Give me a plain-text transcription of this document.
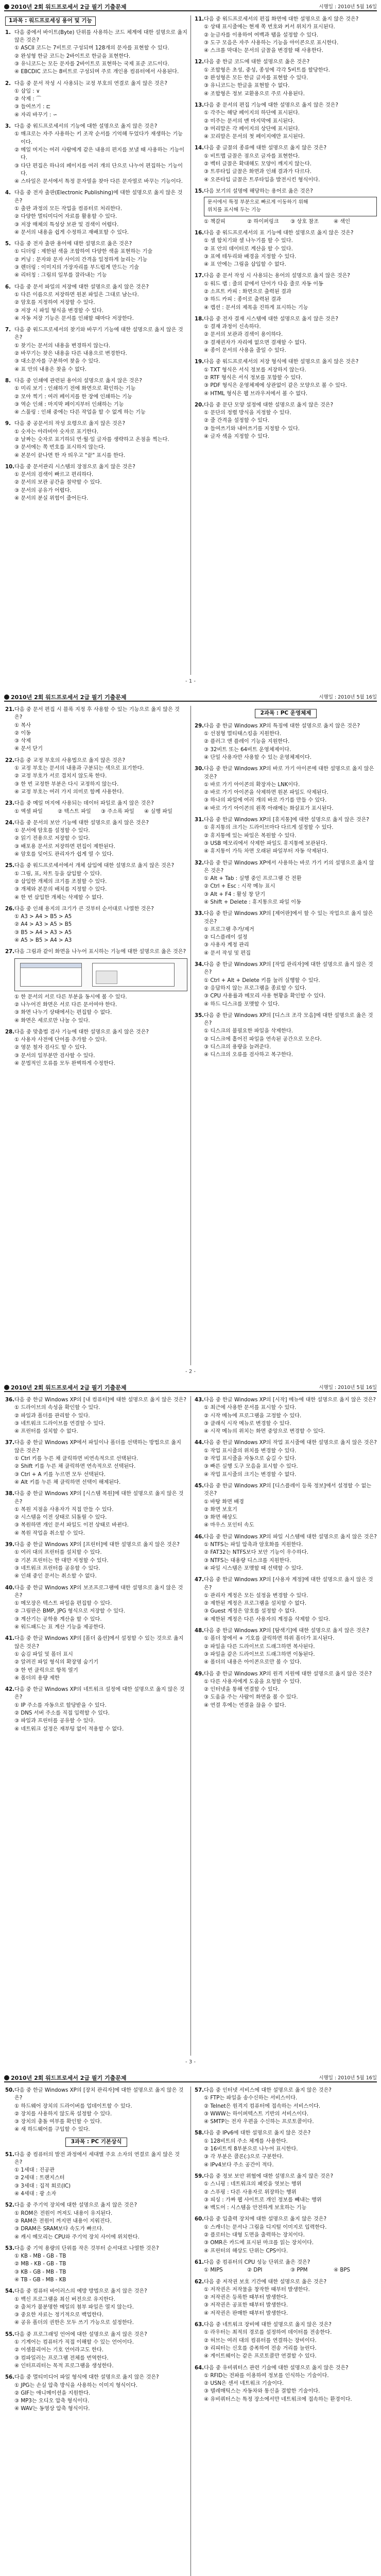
2010년 2회 워드프로세서 2급 필기 기출문제	시행일 : 2010년 5월 16일
1과목 : 워드프로세싱 용어 및 기능
1. 다음 중에서 바이트(Byte) 단위를 사용하는 코드 체계에 대한 설명으로 옳지 않은 것은?
① ASCII 코드는 7비트로 구성되며 128개의 문자를 표현할 수 있다.
② 완성형 한글 코드는 2바이트로 한글을 표현한다.
③ 유니코드는 모든 문자를 2바이트로 표현하는 국제 표준 코드이다.
④ EBCDIC 코드는 8비트로 구성되며 주로 개인용 컴퓨터에서 사용된다.
2. 다음 중 문서 작성 시 사용되는 교정 부호의 연결로 옳지 않은 것은?
① 삽입 : ∨
② 삭제 : ⌒
③ 들여쓰기 : ⊏
④ 자리 바꾸기 : ∽
3. 다음 중 워드프로세서의 기능에 대한 설명으로 옳지 않은 것은?
① 매크로는 자주 사용하는 키 조작 순서를 기억해 두었다가 재생하는 기능이다.
② 메일 머지는 여러 사람에게 같은 내용의 편지를 보낼 때 사용하는 기능이다.
③ 다단 편집은 하나의 페이지를 여러 개의 단으로 나누어 편집하는 기능이다.
④ 스타일은 문서에서 특정 문자열을 찾아 다른 문자열로 바꾸는 기능이다.
4. 다음 중 전자 출판(Electronic Publishing)에 대한 설명으로 옳지 않은 것은?
① 출판 과정의 모든 작업을 컴퓨터로 처리한다.
② 다양한 멀티미디어 자료를 활용할 수 있다.
③ 저장 매체의 특성상 보관 및 검색이 어렵다.
④ 문서의 내용을 쉽게 수정하고 재배포할 수 있다.
5. 다음 중 전자 출판 용어에 대한 설명으로 옳은 것은?
① 디더링 : 제한된 색을 조합하여 다양한 색을 표현하는 기술
② 커닝 : 문자와 문자 사이의 간격을 일정하게 늘리는 기능
③ 렌더링 : 이미지의 가장자리를 부드럽게 만드는 기술
④ 리터칭 : 그림의 일부를 잘라내는 기능
6. 다음 중 문서 파일의 저장에 대한 설명으로 옳지 않은 것은?
① 다른 이름으로 저장하면 원본 파일은 그대로 남는다.
② 암호를 지정하여 저장할 수 있다.
③ 저장 시 파일 형식을 변경할 수 있다.
④ 자동 저장 기능은 문서를 인쇄할 때마다 저장한다.
7. 다음 중 워드프로세서의 찾기와 바꾸기 기능에 대한 설명으로 옳지 않은 것은?
① 찾기는 문서의 내용을 변경하지 않는다.
② 바꾸기는 찾은 내용을 다른 내용으로 변경한다.
③ 대소문자를 구분하여 찾을 수 있다.
④ 표 안의 내용은 찾을 수 없다.
8. 다음 중 인쇄에 관련된 용어의 설명으로 옳지 않은 것은?
① 미리 보기 : 인쇄하기 전에 화면으로 확인하는 기능
② 모아 찍기 : 여러 페이지를 한 장에 인쇄하는 기능
③ 역순 인쇄 : 마지막 페이지부터 인쇄하는 기능
④ 스풀링 : 인쇄 중에는 다른 작업을 할 수 없게 하는 기능
9. 다음 중 공문서의 작성 요령으로 옳지 않은 것은?
① 숫자는 아라비아 숫자로 표기한다.
② 날짜는 숫자로 표기하되 연·월·일 글자를 생략하고 온점을 찍는다.
③ 문서에는 쪽 번호를 표시하지 않는다.
④ 본문이 끝나면 한 자 띄우고 "끝" 표시를 한다.
10.다음 중 문서관리 시스템의 장점으로 옳지 않은 것은?
① 문서의 검색이 빠르고 편리하다.
② 문서의 보관 공간을 절약할 수 있다.
③ 문서의 공유가 어렵다.
④ 문서의 분실 위험이 줄어든다.
11.다음 중 워드프로세서의 편집 화면에 대한 설명으로 옳지 않은 것은?
① 상태 표시줄에는 현재 쪽 번호와 커서 위치가 표시된다.
② 눈금자를 이용하여 여백과 탭을 설정할 수 있다.
③ 도구 모음은 자주 사용하는 기능을 아이콘으로 표시한다.
④ 스크롤 막대는 문서의 글꼴을 변경할 때 사용한다.
12.다음 중 한글 코드에 대한 설명으로 옳은 것은?
① 조합형은 초성, 중성, 종성에 각각 5비트를 할당한다.
② 완성형은 모든 한글 글자를 표현할 수 있다.
③ 유니코드는 한글을 표현할 수 없다.
④ 조합형은 정보 교환용으로 주로 사용된다.
13.다음 중 문서의 편집 기능에 대한 설명으로 옳지 않은 것은?
① 각주는 해당 페이지의 하단에 표시된다.
② 미주는 문서의 맨 마지막에 표시된다.
③ 머리말은 각 페이지의 상단에 표시된다.
④ 꼬리말은 문서의 첫 페이지에만 표시된다.
14.다음 중 글꼴의 종류에 대한 설명으로 옳지 않은 것은?
① 비트맵 글꼴은 점으로 글자를 표현한다.
② 벡터 글꼴은 확대해도 모양이 깨지지 않는다.
③ 트루타입 글꼴은 화면과 인쇄 결과가 다르다.
④ 오픈타입 글꼴은 트루타입을 발전시킨 형식이다.
15.다음 보기의 설명에 해당하는 용어로 옳은 것은?
문서에서 특정 부분으로 빠르게 이동하기 위해
위치를 표시해 두는 기능
① 책갈피	② 하이퍼링크	③ 상호 참조	④ 색인
16.다음 중 워드프로세서의 표 기능에 대한 설명으로 옳지 않은 것은?
① 셀 합치기와 셀 나누기를 할 수 있다.
② 표 안의 데이터로 계산을 할 수 있다.
③ 표에 테두리와 배경을 지정할 수 있다.
④ 표 안에는 그림을 삽입할 수 없다.
17.다음 중 문서 작성 시 사용되는 용어의 설명으로 옳지 않은 것은?
① 워드 랩 : 줄의 끝에서 단어가 다음 줄로 자동 이동
② 소프트 카피 : 화면으로 출력된 결과
③ 하드 카피 : 종이로 출력된 결과
④ 캡션 : 문서의 제목을 진하게 표시하는 기능
18.다음 중 전자 결재 시스템에 대한 설명으로 옳지 않은 것은?
① 결재 과정이 신속하다.
② 문서의 보관과 검색이 용이하다.
③ 결재권자가 자리에 없으면 결재할 수 없다.
④ 종이 문서의 사용을 줄일 수 있다.
19.다음 중 워드프로세서의 저장 형식에 대한 설명으로 옳지 않은 것은?
① TXT 형식은 서식 정보를 저장하지 않는다.
② RTF 형식은 서식 정보를 포함할 수 있다.
③ PDF 형식은 운영체제에 상관없이 같은 모양으로 볼 수 있다.
④ HTML 형식은 웹 브라우저에서 볼 수 없다.
20.다음 중 문단 모양 설정에 대한 설명으로 옳지 않은 것은?
① 문단의 정렬 방식을 지정할 수 있다.
② 줄 간격을 설정할 수 있다.
③ 들여쓰기와 내어쓰기를 지정할 수 있다.
④ 글자 색을 지정할 수 있다.
- 1 -
2010년 2회 워드프로세서 2급 필기 기출문제	시행일 : 2010년 5월 16일
21.다음 중 문서 편집 시 블록 지정 후 사용할 수 있는 기능으로 옳지 않은 것은?
① 복사
② 이동
③ 삭제
④ 문서 닫기
22.다음 중 교정 부호의 사용법으로 옳지 않은 것은?
① 교정 부호는 문서의 내용과 구분되는 색으로 표기한다.
② 교정 부호가 서로 겹치지 않도록 한다.
③ 한 번 교정한 부분은 다시 교정하지 않는다.
④ 교정 부호는 여러 가지 의미로 함께 사용한다.
23.다음 중 메일 머지에 사용되는 데이터 파일로 옳지 않은 것은?
① 엑셀 파일	② 텍스트 파일	③ 주소록 파일	④ 실행 파일
24.다음 중 문서의 보안 기능에 대한 설명으로 옳지 않은 것은?
① 문서에 암호를 설정할 수 있다.
② 읽기 전용으로 저장할 수 있다.
③ 배포용 문서로 저장하면 편집이 제한된다.
④ 암호를 잊어도 관리자가 쉽게 열 수 있다.
25.다음 중 워드프로세서에서 개체 삽입에 대한 설명으로 옳지 않은 것은?
① 그림, 표, 차트 등을 삽입할 수 있다.
② 삽입한 개체의 크기를 조절할 수 있다.
③ 개체와 본문의 배치를 지정할 수 있다.
④ 한 번 삽입한 개체는 삭제할 수 없다.
26.다음 중 인쇄 용지의 크기가 큰 것부터 순서대로 나열한 것은?
① A3 > A4 > B5 > A5
② A4 > A3 > A5 > B5
③ B5 > A4 > A3 > A5
④ A5 > B5 > A4 > A3
27.다음 그림과 같이 화면을 나누어 표시하는 기능에 대한 설명으로 옳은 것은?
① 한 문서의 서로 다른 부분을 동시에 볼 수 있다.
② 나누어진 화면은 서로 다른 문서여야 한다.
③ 화면 나누기 상태에서는 편집할 수 없다.
④ 화면은 세로로만 나눌 수 있다.
28.다음 중 맞춤법 검사 기능에 대한 설명으로 옳지 않은 것은?
① 사용자 사전에 단어를 추가할 수 있다.
② 영문 철자 검사도 할 수 있다.
③ 문서의 일부분만 검사할 수 있다.
④ 문법적인 오류를 모두 완벽하게 수정한다.
2과목 : PC 운영체제
29.다음 중 한글 Windows XP의 특징에 대한 설명으로 옳지 않은 것은?
① 선점형 멀티태스킹을 지원한다.
② 플러그 앤 플레이 기능을 지원한다.
③ 32비트 또는 64비트 운영체제이다.
④ 단일 사용자만 사용할 수 있는 운영체제이다.
30.다음 중 한글 Windows XP의 바로 가기 아이콘에 대한 설명으로 옳지 않은 것은?
① 바로 가기 아이콘의 확장자는 LNK이다.
② 바로 가기 아이콘을 삭제하면 원본 파일도 삭제된다.
③ 하나의 파일에 여러 개의 바로 가기를 만들 수 있다.
④ 바로 가기 아이콘의 왼쪽 아래에는 화살표가 표시된다.
31.다음 중 한글 Windows XP의 [휴지통]에 대한 설명으로 옳지 않은 것은?
① 휴지통의 크기는 드라이브마다 다르게 설정할 수 있다.
② 휴지통에 있는 파일은 복원할 수 있다.
③ USB 메모리에서 삭제한 파일도 휴지통에 보관된다.
④ 휴지통이 가득 차면 오래된 파일부터 자동 삭제된다.
32.다음 중 한글 Windows XP에서 사용하는 바로 가기 키의 설명으로 옳지 않은 것은?
① Alt + Tab : 실행 중인 프로그램 간 전환
② Ctrl + Esc : 시작 메뉴 표시
③ Alt + F4 : 활성 창 닫기
④ Shift + Delete : 휴지통으로 파일 이동
33.다음 중 한글 Windows XP의 [제어판]에서 할 수 있는 작업으로 옳지 않은 것은?
① 프로그램 추가/제거
② 디스플레이 설정
③ 사용자 계정 관리
④ 문서 작성 및 편집
34.다음 중 한글 Windows XP의 [작업 관리자]에 대한 설명으로 옳지 않은 것은?
① Ctrl + Alt + Delete 키를 눌러 실행할 수 있다.
② 응답하지 않는 프로그램을 종료할 수 있다.
③ CPU 사용률과 메모리 사용 현황을 확인할 수 있다.
④ 하드 디스크를 포맷할 수 있다.
35.다음 중 한글 Windows XP의 [디스크 조각 모음]에 대한 설명으로 옳은 것은?
① 디스크의 불필요한 파일을 삭제한다.
② 디스크에 흩어진 파일을 연속된 공간으로 모은다.
③ 디스크의 용량을 늘려준다.
④ 디스크의 오류를 검사하고 복구한다.
- 2 -
2010년 2회 워드프로세서 2급 필기 기출문제	시행일 : 2010년 5월 16일
36.다음 중 한글 Windows XP의 [내 컴퓨터]에 대한 설명으로 옳지 않은 것은?
① 드라이브의 속성을 확인할 수 있다.
② 파일과 폴더를 관리할 수 있다.
③ 네트워크 드라이브를 연결할 수 있다.
④ 프린터를 설치할 수 없다.
37.다음 중 한글 Windows XP에서 파일이나 폴더를 선택하는 방법으로 옳지 않은 것은?
① Ctrl 키를 누른 채 클릭하면 비연속적으로 선택된다.
② Shift 키를 누른 채 클릭하면 연속적으로 선택된다.
③ Ctrl + A 키를 누르면 모두 선택된다.
④ Alt 키를 누른 채 클릭하면 선택이 해제된다.
38.다음 중 한글 Windows XP의 [시스템 복원]에 대한 설명으로 옳지 않은 것은?
① 복원 지점을 사용자가 직접 만들 수 있다.
② 시스템을 이전 상태로 되돌릴 수 있다.
③ 복원하면 개인 문서 파일도 이전 상태로 바뀐다.
④ 복원 작업을 취소할 수 있다.
39.다음 중 한글 Windows XP의 [프린터]에 대한 설명으로 옳지 않은 것은?
① 여러 대의 프린터를 설치할 수 있다.
② 기본 프린터는 한 대만 지정할 수 있다.
③ 네트워크 프린터를 공유할 수 있다.
④ 인쇄 중인 문서는 취소할 수 없다.
40.다음 중 한글 Windows XP의 보조프로그램에 대한 설명으로 옳지 않은 것은?
① 메모장은 텍스트 파일을 편집할 수 있다.
② 그림판은 BMP, JPG 형식으로 저장할 수 있다.
③ 계산기는 공학용 계산을 할 수 있다.
④ 워드패드는 표 계산 기능을 제공한다.
41.다음 중 한글 Windows XP의 [폴더 옵션]에서 설정할 수 있는 것으로 옳지 않은 것은?
① 숨김 파일 및 폴더 표시
② 알려진 파일 형식의 확장명 숨기기
③ 한 번 클릭으로 항목 열기
④ 폴더의 용량 제한
42.다음 중 한글 Windows XP의 네트워크 설정에 대한 설명으로 옳지 않은 것은?
① IP 주소를 자동으로 할당받을 수 있다.
② DNS 서버 주소를 직접 입력할 수 있다.
③ 파일과 프린터를 공유할 수 있다.
④ 네트워크 설정은 재부팅 없이 적용할 수 없다.
43.다음 중 한글 Windows XP의 [시작] 메뉴에 대한 설명으로 옳지 않은 것은?
① 최근에 사용한 문서를 표시할 수 있다.
② 시작 메뉴에 프로그램을 고정할 수 있다.
③ 클래식 시작 메뉴로 변경할 수 있다.
④ 시작 메뉴의 위치는 화면 중앙으로 변경할 수 있다.
44.다음 중 한글 Windows XP의 작업 표시줄에 대한 설명으로 옳지 않은 것은?
① 작업 표시줄의 위치를 변경할 수 있다.
② 작업 표시줄을 자동으로 숨길 수 있다.
③ 빠른 실행 도구 모음을 표시할 수 있다.
④ 작업 표시줄의 크기는 변경할 수 없다.
45.다음 중 한글 Windows XP의 [디스플레이 등록 정보]에서 설정할 수 없는 것은?
① 바탕 화면 배경
② 화면 보호기
③ 화면 해상도
④ 마우스 포인터 속도
46.다음 중 한글 Windows XP의 파일 시스템에 대한 설명으로 옳지 않은 것은?
① NTFS는 파일 압축과 암호화를 지원한다.
② FAT32는 NTFS보다 보안 기능이 우수하다.
③ NTFS는 대용량 디스크를 지원한다.
④ 파일 시스템은 포맷할 때 선택할 수 있다.
47.다음 중 한글 Windows XP의 [사용자 계정]에 대한 설명으로 옳지 않은 것은?
① 관리자 계정은 모든 설정을 변경할 수 있다.
② 제한된 계정은 프로그램을 설치할 수 없다.
③ Guest 계정은 암호를 설정할 수 없다.
④ 제한된 계정은 다른 사용자의 계정을 삭제할 수 있다.
48.다음 중 한글 Windows XP의 [탐색기]에 대한 설명으로 옳지 않은 것은?
① 폴더 창에서 + 기호를 클릭하면 하위 폴더가 표시된다.
② 파일을 다른 드라이브로 드래그하면 복사된다.
③ 파일을 같은 드라이브로 드래그하면 이동된다.
④ 폴더의 내용은 아이콘으로만 볼 수 있다.
49.다음 중 한글 Windows XP의 원격 지원에 대한 설명으로 옳지 않은 것은?
① 다른 사용자에게 도움을 요청할 수 있다.
② 인터넷을 통해 연결할 수 있다.
③ 도움을 주는 사람이 화면을 볼 수 있다.
④ 연결 후에는 연결을 끊을 수 없다.
- 3 -
2010년 2회 워드프로세서 2급 필기 기출문제	시행일 : 2010년 5월 16일
50.다음 중 한글 Windows XP의 [장치 관리자]에 대한 설명으로 옳지 않은 것은?
① 하드웨어 장치의 드라이버를 업데이트할 수 있다.
② 장치를 사용하지 않도록 설정할 수 있다.
③ 장치의 충돌 여부를 확인할 수 있다.
④ 새 하드웨어를 구입할 수 있다.
3과목 : PC 기본상식
51.다음 중 컴퓨터의 발전 과정에서 세대별 주요 소자의 연결로 옳지 않은 것은?
① 1세대 : 진공관
② 2세대 : 트랜지스터
③ 3세대 : 집적 회로(IC)
④ 4세대 : 광 소자
52.다음 중 주기억 장치에 대한 설명으로 옳지 않은 것은?
① ROM은 전원이 꺼져도 내용이 유지된다.
② RAM은 전원이 꺼지면 내용이 지워진다.
③ DRAM은 SRAM보다 속도가 빠르다.
④ 캐시 메모리는 CPU와 주기억 장치 사이에 위치한다.
53.다음 중 기억 용량의 단위를 작은 것부터 순서대로 나열한 것은?
① KB - MB - GB - TB
② MB - KB - GB - TB
③ KB - GB - MB - TB
④ TB - GB - MB - KB
54.다음 중 컴퓨터 바이러스의 예방 방법으로 옳지 않은 것은?
① 백신 프로그램을 최신 버전으로 유지한다.
② 출처가 불분명한 메일의 첨부 파일은 열지 않는다.
③ 중요한 자료는 정기적으로 백업한다.
④ 공유 폴더의 권한은 모두 쓰기 가능으로 설정한다.
55.다음 중 프로그래밍 언어에 대한 설명으로 옳지 않은 것은?
① 기계어는 컴퓨터가 직접 이해할 수 있는 언어이다.
② 어셈블리어는 기호 언어라고도 한다.
③ 컴파일러는 프로그램 전체를 번역한다.
④ 인터프리터는 목적 프로그램을 생성한다.
56.다음 중 멀티미디어 파일 형식에 대한 설명으로 옳지 않은 것은?
① JPG는 손실 압축 방식을 사용하는 이미지 형식이다.
② GIF는 애니메이션을 지원한다.
③ MP3는 오디오 압축 형식이다.
④ WAV는 동영상 압축 형식이다.
57.다음 중 인터넷 서비스에 대한 설명으로 옳지 않은 것은?
① FTP는 파일을 송수신하는 서비스이다.
② Telnet은 원격지 컴퓨터에 접속하는 서비스이다.
③ WWW는 하이퍼텍스트 기반의 서비스이다.
④ SMTP는 전자 우편을 수신하는 프로토콜이다.
58.다음 중 IPv6에 대한 설명으로 옳지 않은 것은?
① 128비트의 주소 체계를 사용한다.
② 16비트씩 8부분으로 나누어 표시한다.
③ 각 부분은 콜론(:)으로 구분한다.
④ IPv4보다 주소 공간이 적다.
59.다음 중 정보 보안 위협에 대한 설명으로 옳지 않은 것은?
① 스니핑 : 네트워크의 패킷을 엿보는 행위
② 스푸핑 : 다른 사용자로 위장하는 행위
③ 피싱 : 가짜 웹 사이트로 개인 정보를 빼내는 행위
④ 백도어 : 시스템을 안전하게 보호하는 기능
60.다음 중 입출력 장치에 대한 설명으로 옳지 않은 것은?
① 스캐너는 문서나 그림을 디지털 이미지로 입력한다.
② 플로터는 대형 도면을 출력하는 장치이다.
③ OMR은 카드에 표시된 마크를 읽는 장치이다.
④ 프린터의 해상도 단위는 CPS이다.
61.다음 중 컴퓨터의 CPU 성능 단위로 옳은 것은?
① MIPS	② DPI	③ PPM	④ BPS
62.다음 중 저작권 보호 기간에 대한 설명으로 옳은 것은?
① 저작권은 저작물을 창작한 때부터 발생한다.
② 저작권은 등록한 때부터 발생한다.
③ 저작권은 공표한 때부터 발생한다.
④ 저작권은 판매한 때부터 발생한다.
63.다음 중 네트워크 장비에 대한 설명으로 옳지 않은 것은?
① 라우터는 최적의 경로를 설정하여 데이터를 전송한다.
② 허브는 여러 대의 컴퓨터를 연결하는 장비이다.
③ 리피터는 신호를 증폭하여 전송 거리를 늘린다.
④ 게이트웨이는 같은 프로토콜만 연결할 수 있다.
64.다음 중 유비쿼터스 관련 기술에 대한 설명으로 옳지 않은 것은?
① RFID는 전파를 이용하여 정보를 인식하는 기술이다.
② USN은 센서 네트워크 기술이다.
③ 텔레매틱스는 자동차와 통신을 결합한 기술이다.
④ 유비쿼터스는 특정 장소에서만 네트워크에 접속하는 환경이다.
